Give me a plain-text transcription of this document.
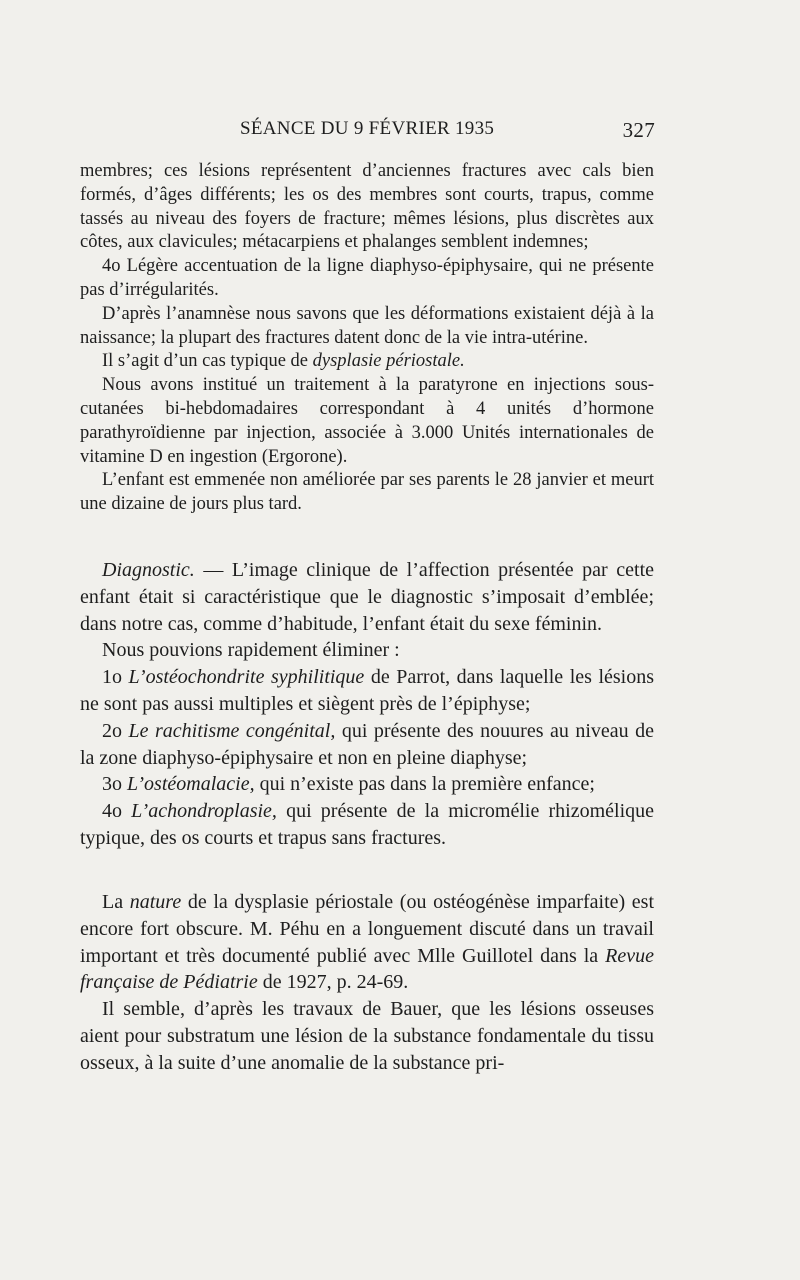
SÉANCE DU 9 FÉVRIER 1935	327

membres; ces lésions représentent d’anciennes fractures avec cals bien formés, d’âges différents; les os des membres sont courts, trapus, comme tassés au niveau des foyers de fracture; mêmes lésions, plus discrètes aux côtes, aux clavicules; métacarpiens et phalanges semblent indemnes;

4o Légère accentuation de la ligne diaphyso-épiphysaire, qui ne présente pas d’irrégularités.

D’après l’anamnèse nous savons que les déformations existaient déjà à la naissance; la plupart des fractures datent donc de la vie intra-utérine.

Il s’agit d’un cas typique de dysplasie périostale.

Nous avons institué un traitement à la paratyrone en injections sous-cutanées bi-hebdomadaires correspondant à 4 unités d’hormone parathyroïdienne par injection, associée à 3.000 Unités internationales de vitamine D en ingestion (Ergorone).

L’enfant est emmenée non améliorée par ses parents le 28 janvier et meurt une dizaine de jours plus tard.

Diagnostic. — L’image clinique de l’affection présentée par cette enfant était si caractéristique que le diagnostic s’imposait d’emblée; dans notre cas, comme d’habitude, l’enfant était du sexe féminin.

Nous pouvions rapidement éliminer :

1o L’ostéochondrite syphilitique de Parrot, dans laquelle les lésions ne sont pas aussi multiples et siègent près de l’épiphyse;

2o Le rachitisme congénital, qui présente des nouures au niveau de la zone diaphyso-épiphysaire et non en pleine diaphyse;

3o L’ostéomalacie, qui n’existe pas dans la première enfance;

4o L’achondroplasie, qui présente de la micromélie rhizomélique typique, des os courts et trapus sans fractures.

La nature de la dysplasie périostale (ou ostéogénèse imparfaite) est encore fort obscure. M. Péhu en a longuement discuté dans un travail important et très documenté publié avec Mlle Guillotel dans la Revue française de Pédiatrie de 1927, p. 24-69.

Il semble, d’après les travaux de Bauer, que les lésions osseuses aient pour substratum une lésion de la substance fondamentale du tissu osseux, à la suite d’une anomalie de la substance pri-
